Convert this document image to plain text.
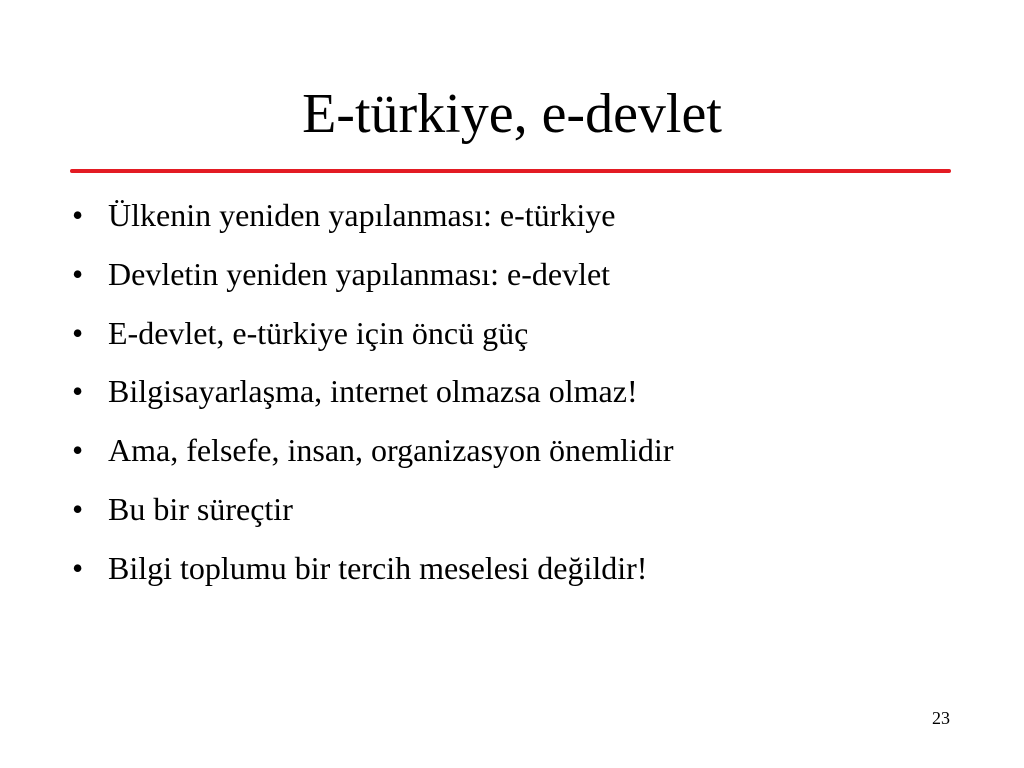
E-türkiye, e-devlet
• Ülkenin yeniden yapılanması: e-türkiye
• Devletin yeniden yapılanması: e-devlet
• E-devlet, e-türkiye için öncü güç
• Bilgisayarlaşma, internet olmazsa olmaz!
• Ama, felsefe, insan, organizasyon önemlidir
• Bu bir süreçtir
• Bilgi toplumu bir tercih meselesi değildir!
23
